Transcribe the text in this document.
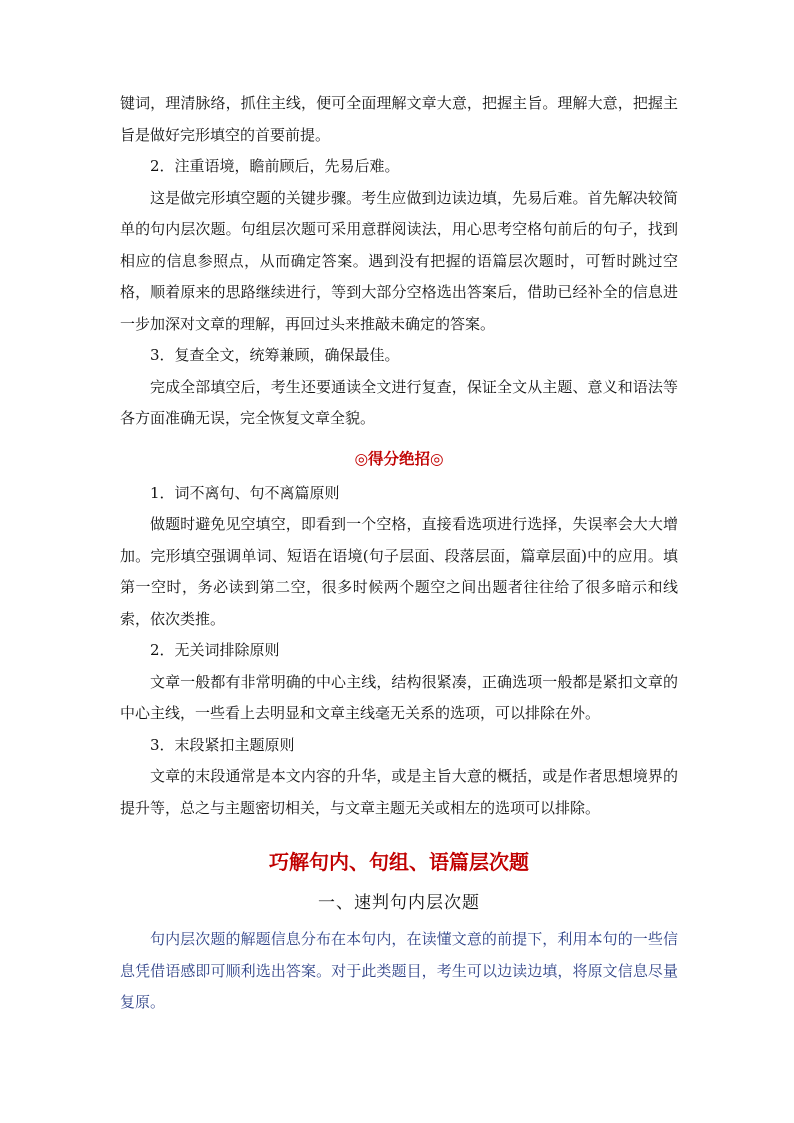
键词，理清脉络，抓住主线，便可全面理解文章大意，把握主旨。理解大意，把握主旨是做好完形填空的首要前提。

2．注重语境，瞻前顾后，先易后难。

这是做完形填空题的关键步骤。考生应做到边读边填，先易后难。首先解决较简单的句内层次题。句组层次题可采用意群阅读法，用心思考空格句前后的句子，找到相应的信息参照点，从而确定答案。遇到没有把握的语篇层次题时，可暂时跳过空格，顺着原来的思路继续进行，等到大部分空格选出答案后，借助已经补全的信息进一步加深对文章的理解，再回过头来推敲未确定的答案。

3．复查全文，统筹兼顾，确保最佳。

完成全部填空后，考生还要通读全文进行复查，保证全文从主题、意义和语法等各方面准确无误，完全恢复文章全貌。

◎得分绝招◎

1．词不离句、句不离篇原则

做题时避免见空填空，即看到一个空格，直接看选项进行选择，失误率会大大增加。完形填空强调单词、短语在语境(句子层面、段落层面，篇章层面)中的应用。填第一空时，务必读到第二空，很多时候两个题空之间出题者往往给了很多暗示和线索，依次类推。

2．无关词排除原则

文章一般都有非常明确的中心主线，结构很紧凑，正确选项一般都是紧扣文章的中心主线，一些看上去明显和文章主线毫无关系的选项，可以排除在外。

3．末段紧扣主题原则

文章的末段通常是本文内容的升华，或是主旨大意的概括，或是作者思想境界的提升等，总之与主题密切相关，与文章主题无关或相左的选项可以排除。

巧解句内、句组、语篇层次题
一、速判句内层次题

句内层次题的解题信息分布在本句内，在读懂文意的前提下，利用本句的一些信息凭借语感即可顺利选出答案。对于此类题目，考生可以边读边填，将原文信息尽量复原。
